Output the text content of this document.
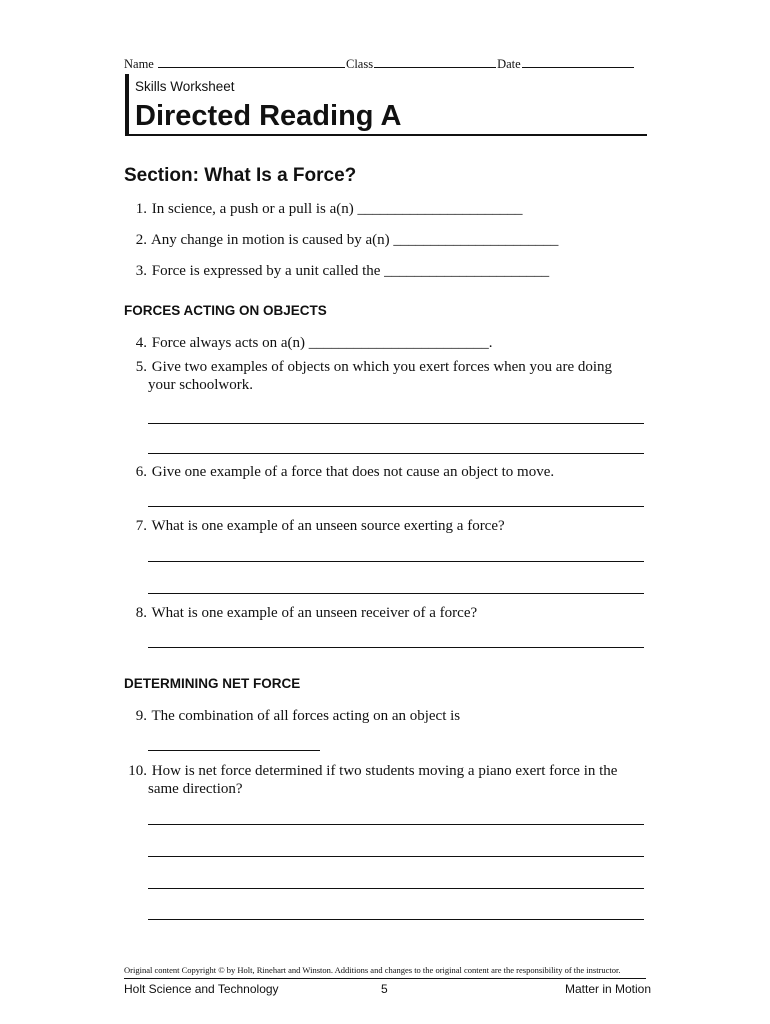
Name	Class	Date
Skills Worksheet
Directed Reading A
Section: What Is a Force?
1. In science, a push or a pull is a(n) ______________________
2. Any change in motion is caused by a(n) ______________________
3. Force is expressed by a unit called the ______________________
FORCES ACTING ON OBJECTS
4. Force always acts on a(n) ________________________.
5. Give two examples of objects on which you exert forces when you are doing
your schoolwork.
6. Give one example of a force that does not cause an object to move.
7. What is one example of an unseen source exerting a force?
8. What is one example of an unseen receiver of a force?
DETERMINING NET FORCE
9. The combination of all forces acting on an object is
10. How is net force determined if two students moving a piano exert force in the
same direction?
Original content Copyright © by Holt, Rinehart and Winston. Additions and changes to the original content are the responsibility of the instructor.
Holt Science and Technology	5	Matter in Motion
